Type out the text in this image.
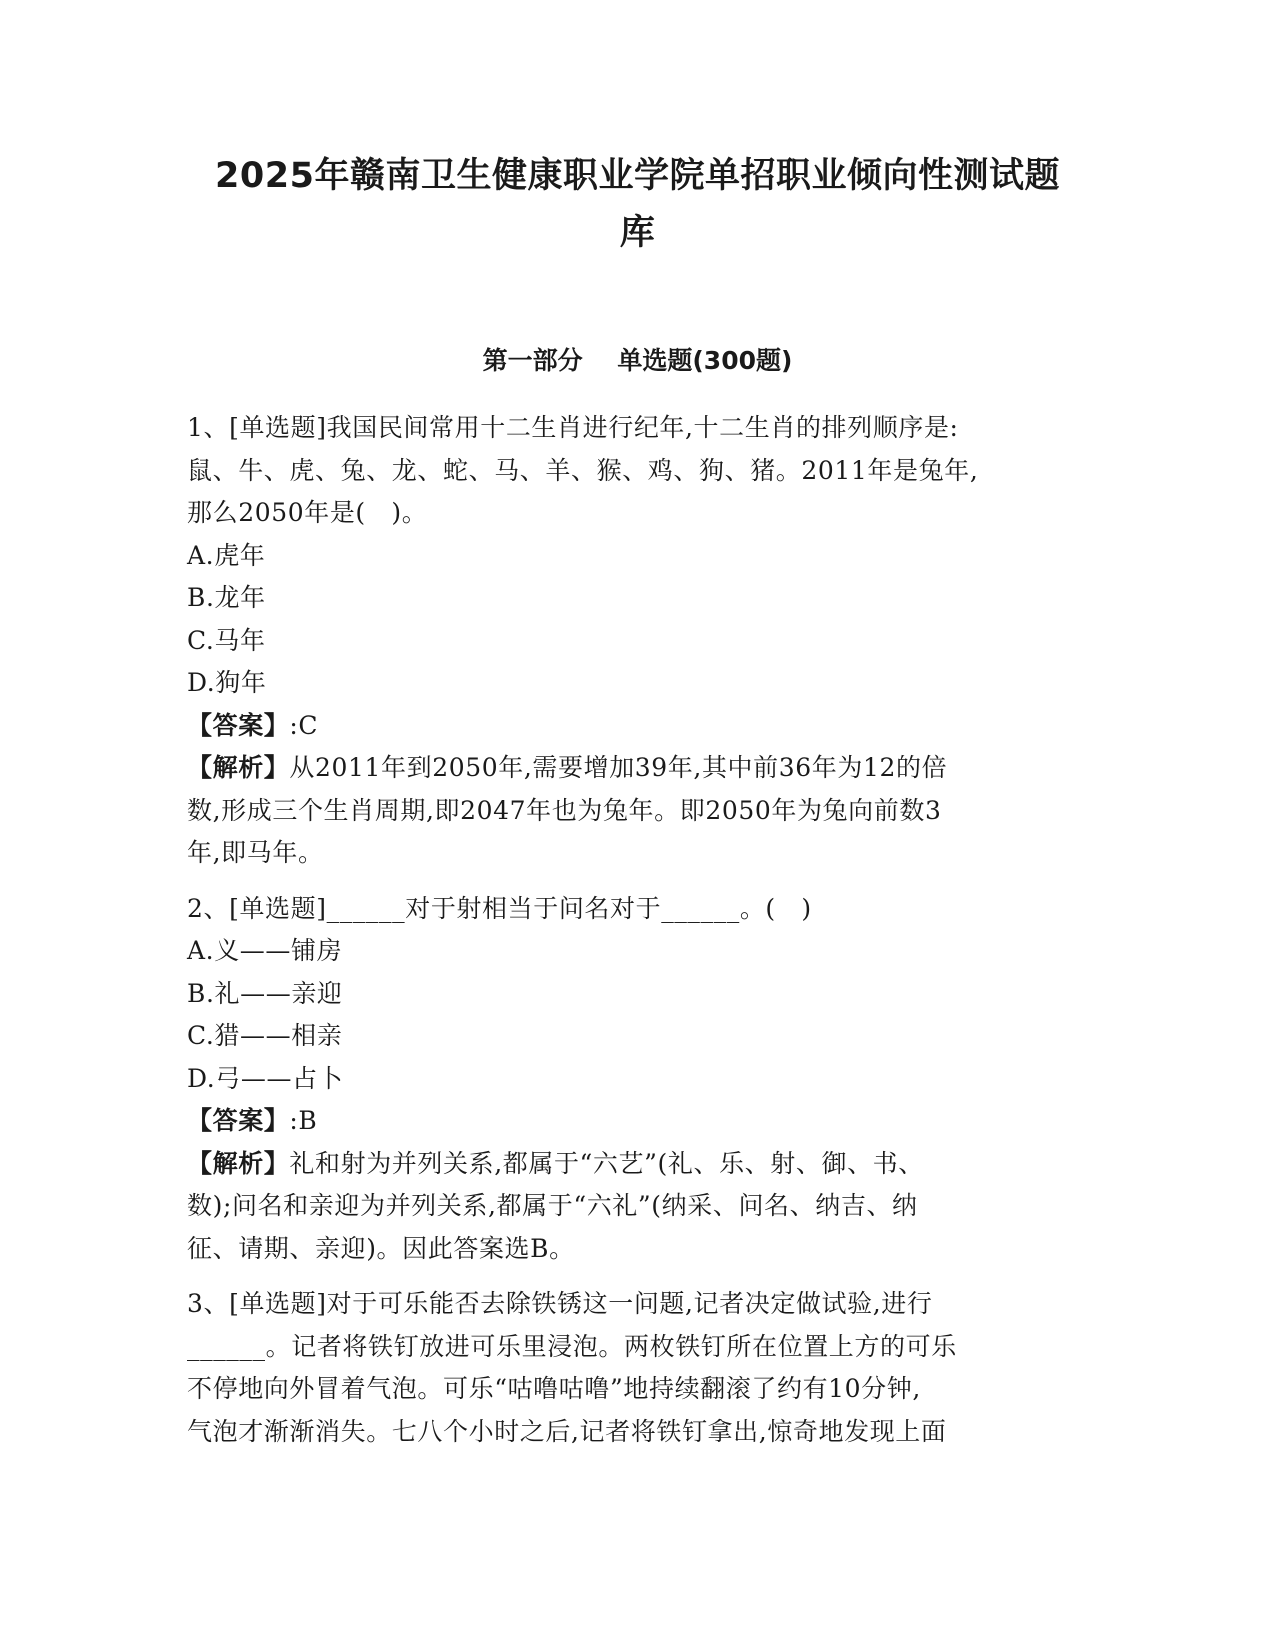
2025年赣南卫生健康职业学院单招职业倾向性测试题
库
第一部分    单选题(300题)
1、[单选题]我国民间常用十二生肖进行纪年,十二生肖的排列顺序是:
鼠、牛、虎、兔、龙、蛇、马、羊、猴、鸡、狗、猪。2011年是兔年,
那么2050年是(   )。
A.虎年
B.龙年
C.马年
D.狗年
【答案】:C
【解析】从2011年到2050年,需要增加39年,其中前36年为12的倍
数,形成三个生肖周期,即2047年也为兔年。即2050年为兔向前数3
年,即马年。
2、[单选题]______对于射相当于问名对于______。(   )
A.义——铺房
B.礼——亲迎
C.猎——相亲
D.弓——占卜
【答案】:B
【解析】礼和射为并列关系,都属于“六艺”(礼、乐、射、御、书、
数);问名和亲迎为并列关系,都属于“六礼”(纳采、问名、纳吉、纳
征、请期、亲迎)。因此答案选B。
3、[单选题]对于可乐能否去除铁锈这一问题,记者决定做试验,进行
______。记者将铁钉放进可乐里浸泡。两枚铁钉所在位置上方的可乐
不停地向外冒着气泡。可乐“咕噜咕噜”地持续翻滚了约有10分钟,
气泡才渐渐消失。七八个小时之后,记者将铁钉拿出,惊奇地发现上面
